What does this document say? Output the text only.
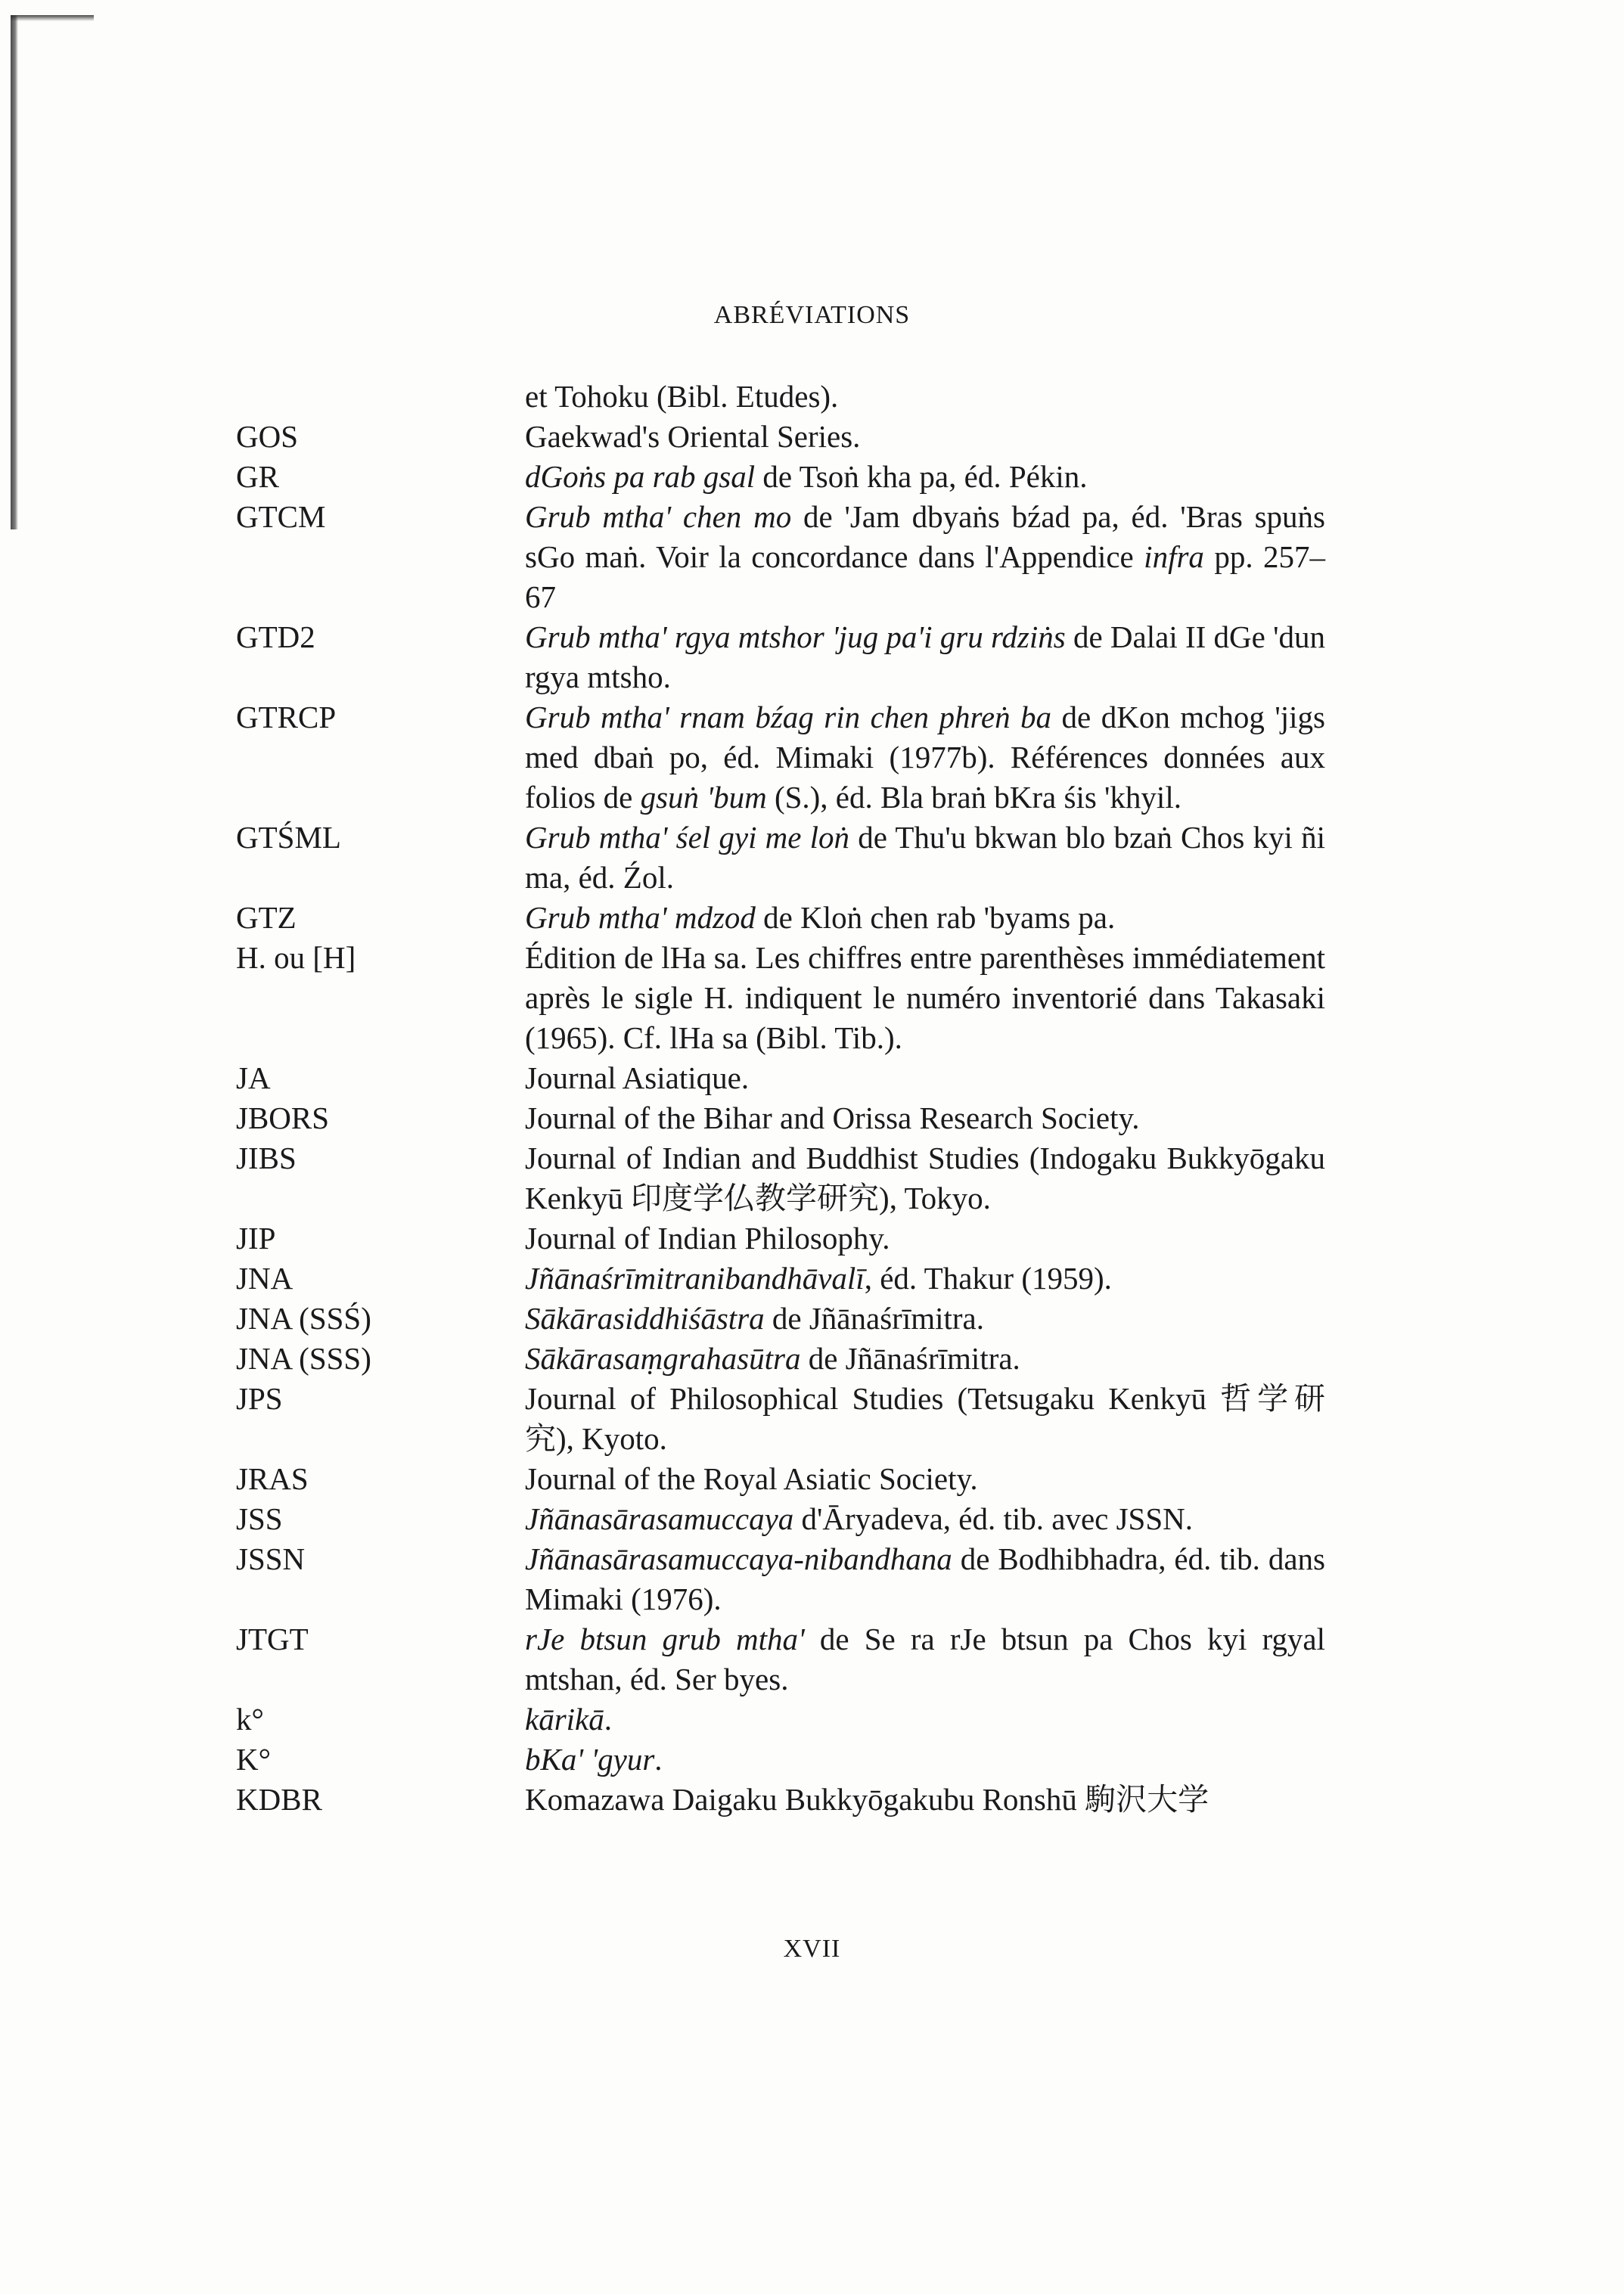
ABRÉVIATIONS
et Tohoku (Bibl. Etudes).
GOS	Gaekwad's Oriental Series.
GR	dGoṅs pa rab gsal de Tsoṅ kha pa, éd. Pékin.
GTCM	Grub mtha' chen mo de 'Jam dbyaṅs bźad pa, éd. 'Bras spuṅs sGo maṅ. Voir la concordance dans l'Appendice infra pp. 257–67
GTD2	Grub mtha' rgya mtshor 'jug pa'i gru rdziṅs de Dalai II dGe 'dun rgya mtsho.
GTRCP	Grub mtha' rnam bźag rin chen phreṅ ba de dKon mchog 'jigs med dbaṅ po, éd. Mimaki (1977b). Références données aux folios de gsuṅ 'bum (S.), éd. Bla braṅ bKra śis 'khyil.
GTŚML	Grub mtha' śel gyi me loṅ de Thu'u bkwan blo bzaṅ Chos kyi ñi ma, éd. Źol.
GTZ	Grub mtha' mdzod de Kloṅ chen rab 'byams pa.
H. ou [H]	Édition de lHa sa. Les chiffres entre parenthèses immédiatement après le sigle H. indiquent le numéro inventorié dans Takasaki (1965). Cf. lHa sa (Bibl. Tib.).
JA	Journal Asiatique.
JBORS	Journal of the Bihar and Orissa Research Society.
JIBS	Journal of Indian and Buddhist Studies (Indogaku Bukkyōgaku Kenkyū 印度学仏教学研究), Tokyo.
JIP	Journal of Indian Philosophy.
JNA	Jñānaśrīmitranibandhāvalī, éd. Thakur (1959).
JNA (SSŚ)	Sākārasiddhiśāstra de Jñānaśrīmitra.
JNA (SSS)	Sākārasaṃgrahasūtra de Jñānaśrīmitra.
JPS	Journal of Philosophical Studies (Tetsugaku Kenkyū 哲学研究), Kyoto.
JRAS	Journal of the Royal Asiatic Society.
JSS	Jñānasārasamuccaya d'Āryadeva, éd. tib. avec JSSN.
JSSN	Jñānasārasamuccaya-nibandhana de Bodhibhadra, éd. tib. dans Mimaki (1976).
JTGT	rJe btsun grub mtha' de Se ra rJe btsun pa Chos kyi rgyal mtshan, éd. Ser byes.
k°	kārikā.
K°	bKa' 'gyur.
KDBR	Komazawa Daigaku Bukkyōgakubu Ronshū 駒沢大学
XVII
